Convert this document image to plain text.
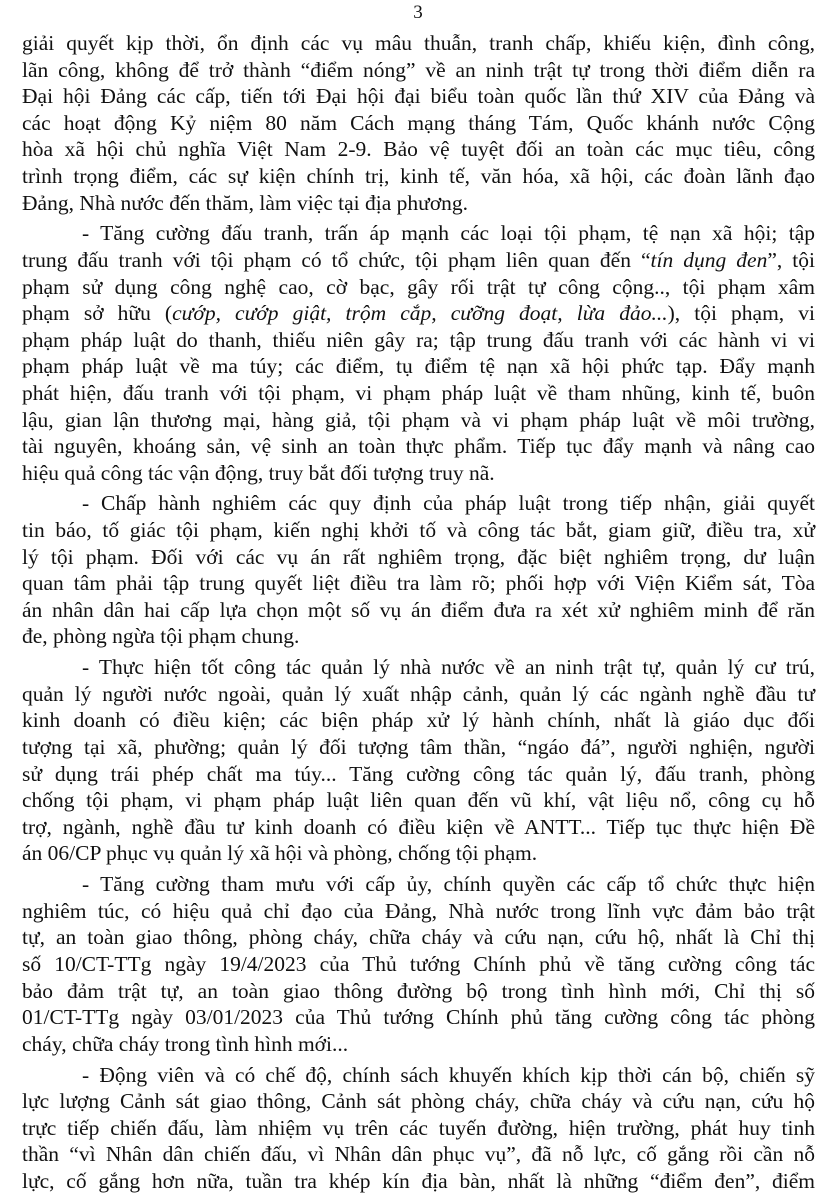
3
giải quyết kịp thời, ổn định các vụ mâu thuẫn, tranh chấp, khiếu kiện, đình công,
lãn công, không để trở thành “điểm nóng” về an ninh trật tự trong thời điểm diễn ra
Đại hội Đảng các cấp, tiến tới Đại hội đại biểu toàn quốc lần thứ XIV của Đảng và
các hoạt động Kỷ niệm 80 năm Cách mạng tháng Tám, Quốc khánh nước Cộng
hòa xã hội chủ nghĩa Việt Nam 2-9. Bảo vệ tuyệt đối an toàn các mục tiêu, công
trình trọng điểm, các sự kiện chính trị, kinh tế, văn hóa, xã hội, các đoàn lãnh đạo
Đảng, Nhà nước đến thăm, làm việc tại địa phương.
- Tăng cường đấu tranh, trấn áp mạnh các loại tội phạm, tệ nạn xã hội; tập
trung đấu tranh với tội phạm có tổ chức, tội phạm liên quan đến “tín dụng đen”, tội
phạm sử dụng công nghệ cao, cờ bạc, gây rối trật tự công cộng.., tội phạm xâm
phạm sở hữu (cướp, cướp giật, trộm cắp, cưỡng đoạt, lừa đảo...), tội phạm, vi
phạm pháp luật do thanh, thiếu niên gây ra; tập trung đấu tranh với các hành vi vi
phạm pháp luật về ma túy; các điểm, tụ điểm tệ nạn xã hội phức tạp. Đẩy mạnh
phát hiện, đấu tranh với tội phạm, vi phạm pháp luật về tham nhũng, kinh tế, buôn
lậu, gian lận thương mại, hàng giả, tội phạm và vi phạm pháp luật về môi trường,
tài nguyên, khoáng sản, vệ sinh an toàn thực phẩm. Tiếp tục đẩy mạnh và nâng cao
hiệu quả công tác vận động, truy bắt đối tượng truy nã.
- Chấp hành nghiêm các quy định của pháp luật trong tiếp nhận, giải quyết
tin báo, tố giác tội phạm, kiến nghị khởi tố và công tác bắt, giam giữ, điều tra, xử
lý tội phạm. Đối với các vụ án rất nghiêm trọng, đặc biệt nghiêm trọng, dư luận
quan tâm phải tập trung quyết liệt điều tra làm rõ; phối hợp với Viện Kiểm sát, Tòa
án nhân dân hai cấp lựa chọn một số vụ án điểm đưa ra xét xử nghiêm minh để răn
đe, phòng ngừa tội phạm chung.
- Thực hiện tốt công tác quản lý nhà nước về an ninh trật tự, quản lý cư trú,
quản lý người nước ngoài, quản lý xuất nhập cảnh, quản lý các ngành nghề đầu tư
kinh doanh có điều kiện; các biện pháp xử lý hành chính, nhất là giáo dục đối
tượng tại xã, phường; quản lý đối tượng tâm thần, “ngáo đá”, người nghiện, người
sử dụng trái phép chất ma túy... Tăng cường công tác quản lý, đấu tranh, phòng
chống tội phạm, vi phạm pháp luật liên quan đến vũ khí, vật liệu nổ, công cụ hỗ
trợ, ngành, nghề đầu tư kinh doanh có điều kiện về ANTT... Tiếp tục thực hiện Đề
án 06/CP phục vụ quản lý xã hội và phòng, chống tội phạm.
- Tăng cường tham mưu với cấp ủy, chính quyền các cấp tổ chức thực hiện
nghiêm túc, có hiệu quả chỉ đạo của Đảng, Nhà nước trong lĩnh vực đảm bảo trật
tự, an toàn giao thông, phòng cháy, chữa cháy và cứu nạn, cứu hộ, nhất là Chỉ thị
số 10/CT-TTg ngày 19/4/2023 của Thủ tướng Chính phủ về tăng cường công tác
bảo đảm trật tự, an toàn giao thông đường bộ trong tình hình mới, Chỉ thị số
01/CT-TTg ngày 03/01/2023 của Thủ tướng Chính phủ tăng cường công tác phòng
cháy, chữa cháy trong tình hình mới...
- Động viên và có chế độ, chính sách khuyến khích kịp thời cán bộ, chiến sỹ
lực lượng Cảnh sát giao thông, Cảnh sát phòng cháy, chữa cháy và cứu nạn, cứu hộ
trực tiếp chiến đấu, làm nhiệm vụ trên các tuyến đường, hiện trường, phát huy tinh
thần “vì Nhân dân chiến đấu, vì Nhân dân phục vụ”, đã nỗ lực, cố gắng rồi cần nỗ
lực, cố gắng hơn nữa, tuần tra khép kín địa bàn, nhất là những “điểm đen”, điểm
